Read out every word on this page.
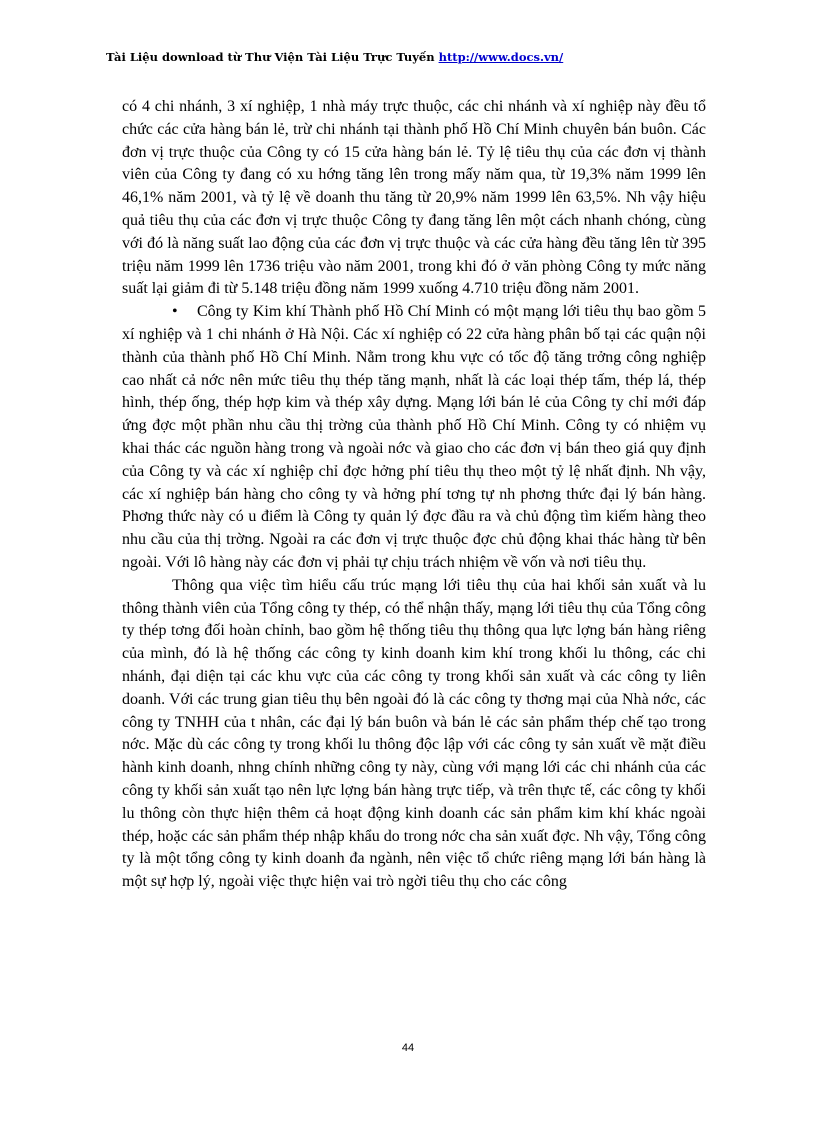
Tài Liệu download từ Thư Viện Tài Liệu Trực Tuyến http://www.docs.vn/

có 4 chi nhánh, 3 xí nghiệp, 1 nhà máy trực thuộc, các chi nhánh và xí nghiệp này đều tổ chức các cửa hàng bán lẻ, trừ chi nhánh tại thành phố Hồ Chí Minh chuyên bán buôn. Các đơn vị trực thuộc của Công ty có 15 cửa hàng bán lẻ. Tỷ lệ tiêu thụ của các đơn vị thành viên của Công ty đang có xu hớng tăng lên trong mấy năm qua, từ 19,3% năm 1999 lên 46,1% năm 2001, và tỷ lệ về doanh thu tăng từ 20,9% năm 1999 lên 63,5%. Nh vậy hiệu quả tiêu thụ của các đơn vị trực thuộc Công ty đang tăng lên một cách nhanh chóng, cùng với đó là năng suất lao động của các đơn vị trực thuộc và các cửa hàng đều tăng lên từ 395 triệu năm 1999 lên 1736 triệu vào năm 2001, trong khi đó ở văn phòng Công ty mức năng suất lại giảm đi từ 5.148 triệu đồng năm 1999 xuống 4.710 triệu đồng năm 2001.

• Công ty Kim khí Thành phố Hồ Chí Minh có một mạng lới tiêu thụ bao gồm 5 xí nghiệp và 1 chi nhánh ở Hà Nội. Các xí nghiệp có 22 cửa hàng phân bố tại các quận nội thành của thành phố Hồ Chí Minh. Nằm trong khu vực có tốc độ tăng trởng công nghiệp cao nhất cả nớc nên mức tiêu thụ thép tăng mạnh, nhất là các loại thép tấm, thép lá, thép hình, thép ống, thép hợp kim và thép xây dựng. Mạng lới bán lẻ của Công ty chỉ mới đáp ứng đợc một phần nhu cầu thị trờng của thành phố Hồ Chí Minh. Công ty có nhiệm vụ khai thác các nguồn hàng trong và ngoài nớc và giao cho các đơn vị bán theo giá quy định của Công ty và các xí nghiệp chỉ đợc hởng phí tiêu thụ theo một tỷ lệ nhất định. Nh vậy, các xí nghiệp bán hàng cho công ty và hởng phí tơng tự nh phơng thức đại lý bán hàng. Phơng thức này có u điểm là Công ty quản lý đợc đầu ra và chủ động tìm kiếm hàng theo nhu cầu của thị trờng. Ngoài ra các đơn vị trực thuộc đợc chủ động khai thác hàng từ bên ngoài. Với lô hàng này các đơn vị phải tự chịu trách nhiệm về vốn và nơi tiêu thụ.

Thông qua việc tìm hiểu cấu trúc mạng lới tiêu thụ của hai khối sản xuất và lu thông thành viên của Tổng công ty thép, có thể nhận thấy, mạng lới tiêu thụ của Tổng công ty thép tơng đối hoàn chỉnh, bao gồm hệ thống tiêu thụ thông qua lực lợng bán hàng riêng của mình, đó là hệ thống các công ty kinh doanh kim khí trong khối lu thông, các chi nhánh, đại diện tại các khu vực của các công ty trong khối sản xuất và các công ty liên doanh. Với các trung gian tiêu thụ bên ngoài đó là các công ty thơng mại của Nhà nớc, các công ty TNHH của t nhân, các đại lý bán buôn và bán lẻ các sản phẩm thép chế tạo trong nớc. Mặc dù các công ty trong khối lu thông độc lập với các công ty sản xuất về mặt điều hành kinh doanh, nhng chính những công ty này, cùng với mạng lới các chi nhánh của các công ty khối sản xuất tạo nên lực lợng bán hàng trực tiếp, và trên thực tế, các công ty khối lu thông còn thực hiện thêm cả hoạt động kinh doanh các sản phẩm kim khí khác ngoài thép, hoặc các sản phẩm thép nhập khẩu do trong nớc cha sản xuất đợc. Nh vậy, Tổng công ty là một tổng công ty kinh doanh đa ngành, nên việc tổ chức riêng mạng lới bán hàng là một sự hợp lý, ngoài việc thực hiện vai trò ngời tiêu thụ cho các công

44
